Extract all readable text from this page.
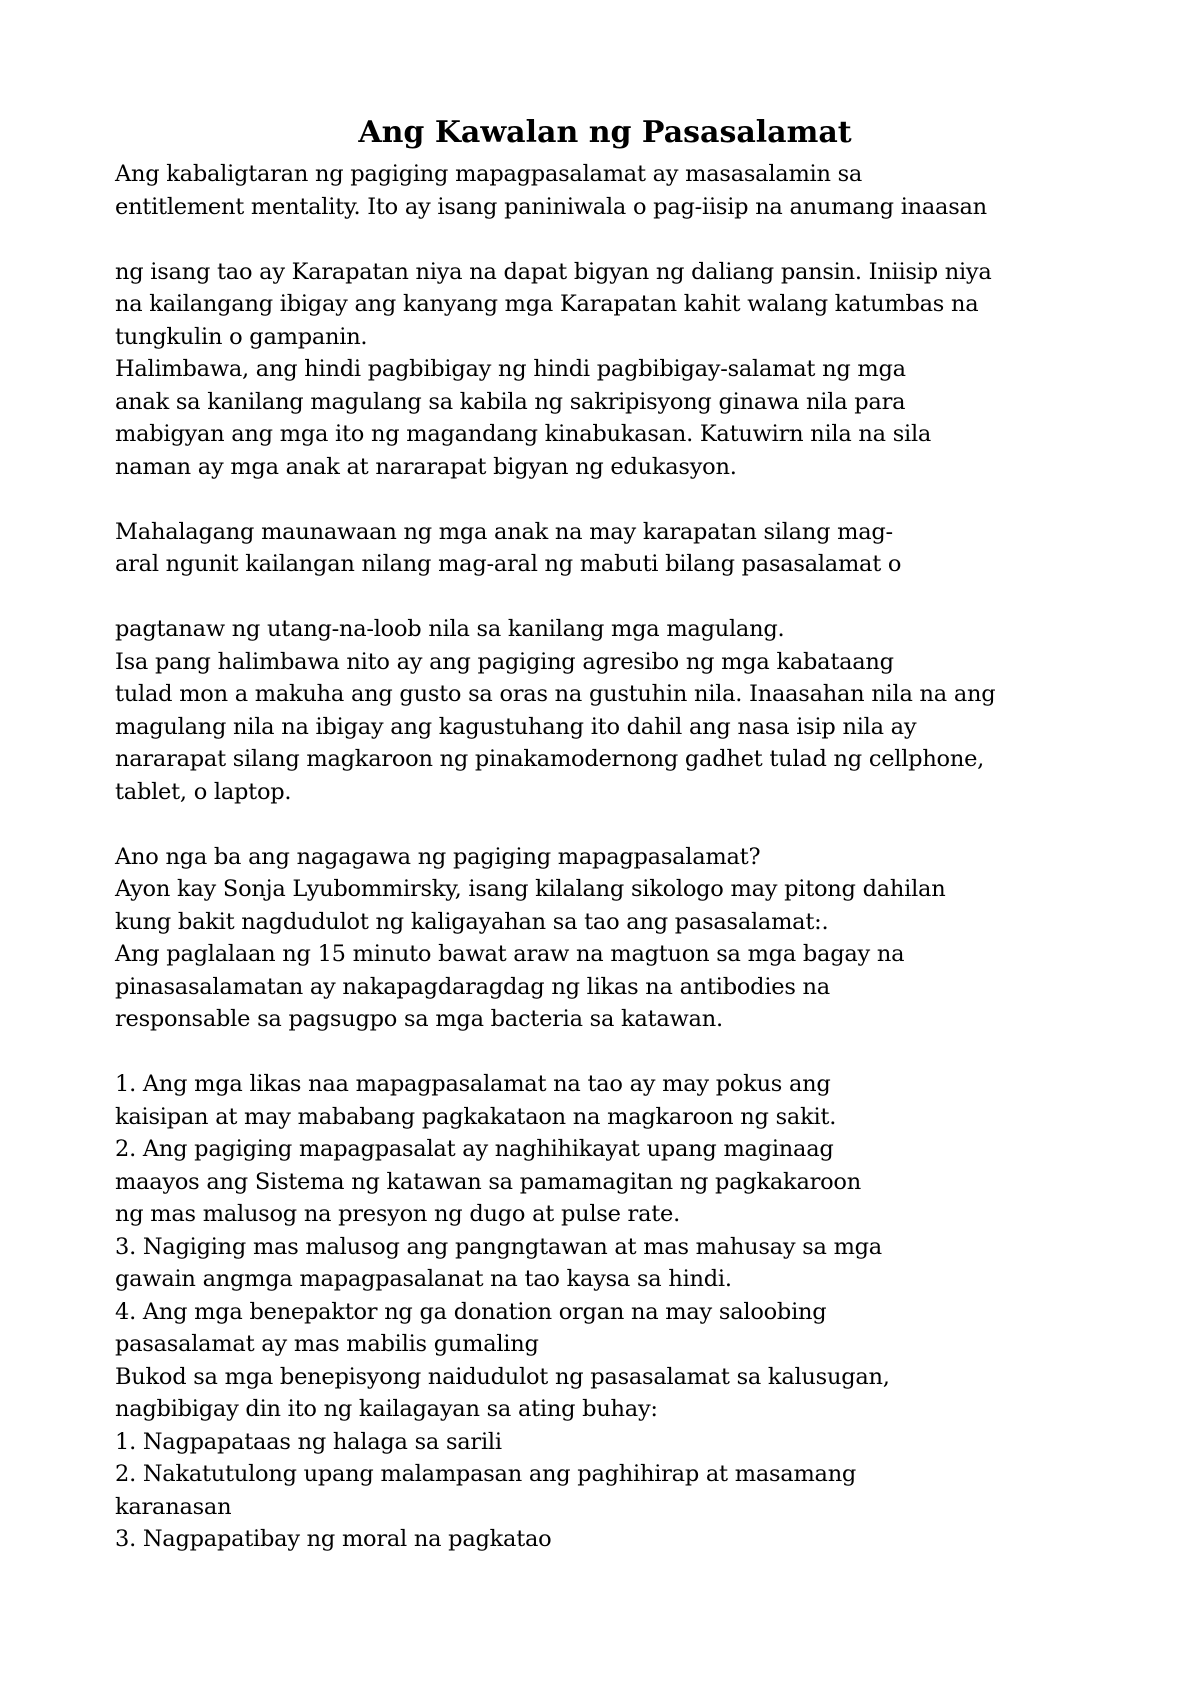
Ang Kawalan ng Pasasalamat
Ang kabaligtaran ng pagiging mapagpasalamat ay masasalamin sa
entitlement mentality. Ito ay isang paniniwala o pag-iisip na anumang inaasan
ng isang tao ay Karapatan niya na dapat bigyan ng daliang pansin. Iniisip niya
na kailangang ibigay ang kanyang mga Karapatan kahit walang katumbas na
tungkulin o gampanin.
Halimbawa, ang hindi pagbibigay ng hindi pagbibigay-salamat ng mga
anak sa kanilang magulang sa kabila ng sakripisyong ginawa nila para
mabigyan ang mga ito ng magandang kinabukasan. Katuwirn nila na sila
naman ay mga anak at nararapat bigyan ng edukasyon.
Mahalagang maunawaan ng mga anak na may karapatan silang mag-
aral ngunit kailangan nilang mag-aral ng mabuti bilang pasasalamat o
pagtanaw ng utang-na-loob nila sa kanilang mga magulang.
Isa pang halimbawa nito ay ang pagiging agresibo ng mga kabataang
tulad mon a makuha ang gusto sa oras na gustuhin nila. Inaasahan nila na ang
magulang nila na ibigay ang kagustuhang ito dahil ang nasa isip nila ay
nararapat silang magkaroon ng pinakamodernong gadhet tulad ng cellphone,
tablet, o laptop.
Ano nga ba ang nagagawa ng pagiging mapagpasalamat?
Ayon kay Sonja Lyubommirsky, isang kilalang sikologo may pitong dahilan
kung bakit nagdudulot ng kaligayahan sa tao ang pasasalamat:.
Ang paglalaan ng 15 minuto bawat araw na magtuon sa mga bagay na
pinasasalamatan ay nakapagdaragdag ng likas na antibodies na
responsable sa pagsugpo sa mga bacteria sa katawan.
1. Ang mga likas naa mapagpasalamat na tao ay may pokus ang
kaisipan at may mababang pagkakataon na magkaroon ng sakit.
2. Ang pagiging mapagpasalat ay naghihikayat upang maginaag
maayos ang Sistema ng katawan sa pamamagitan ng pagkakaroon
ng mas malusog na presyon ng dugo at pulse rate.
3. Nagiging mas malusog ang pangngtawan at mas mahusay sa mga
gawain angmga mapagpasalanat na tao kaysa sa hindi.
4. Ang mga benepaktor ng ga donation organ na may saloobing
pasasalamat ay mas mabilis gumaling
Bukod sa mga benepisyong naidudulot ng pasasalamat sa kalusugan,
nagbibigay din ito ng kailagayan sa ating buhay:
1. Nagpapataas ng halaga sa sarili
2. Nakatutulong upang malampasan ang paghihirap at masamang
karanasan
3. Nagpapatibay ng moral na pagkatao
